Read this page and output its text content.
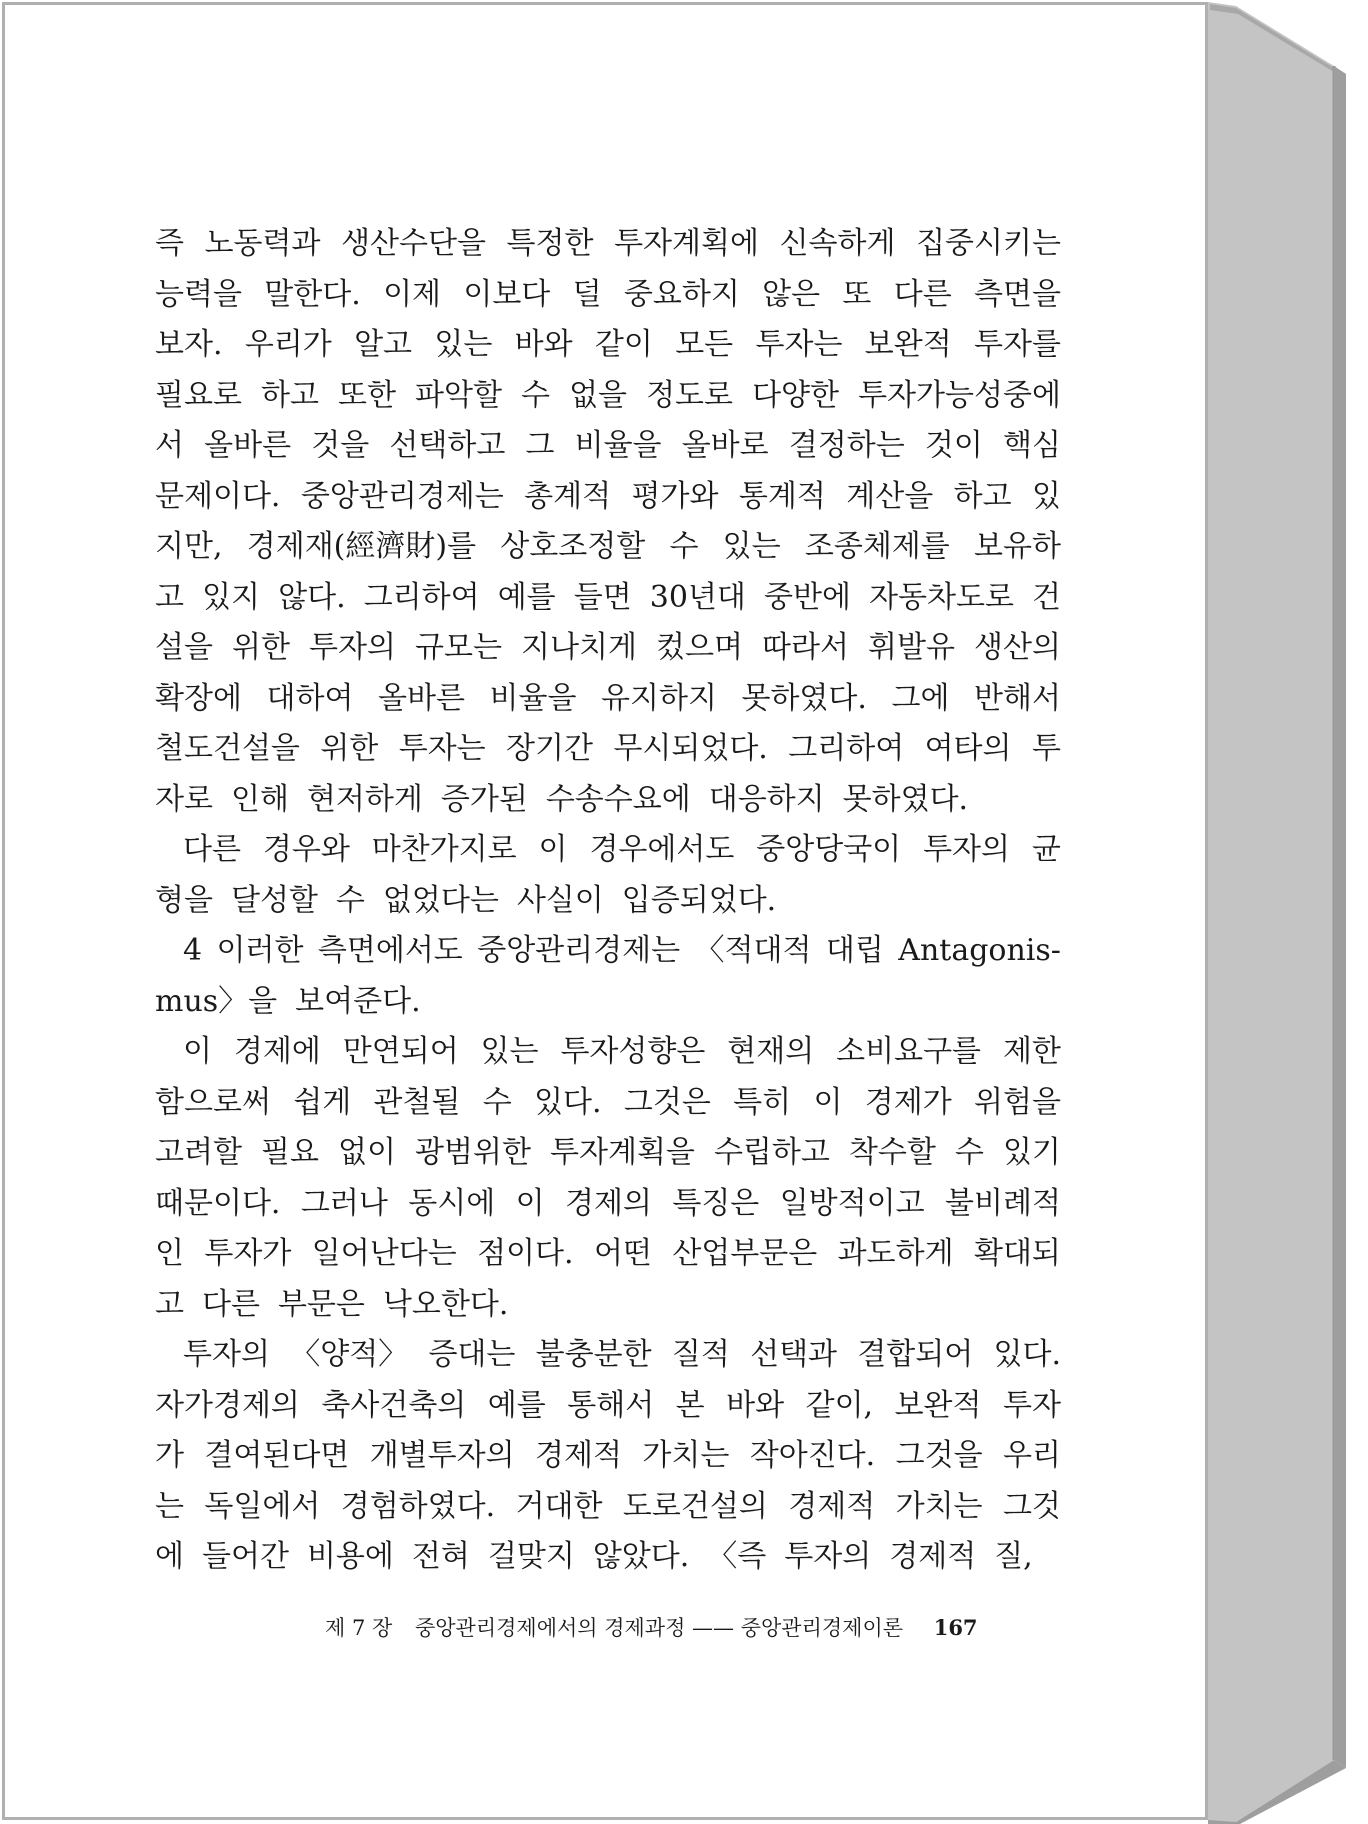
즉 노동력과 생산수단을 특정한 투자계획에 신속하게 집중시키는
능력을 말한다. 이제 이보다 덜 중요하지 않은 또 다른 측면을
보자. 우리가 알고 있는 바와 같이 모든 투자는 보완적 투자를
필요로 하고 또한 파악할 수 없을 정도로 다양한 투자가능성중에
서 올바른 것을 선택하고 그 비율을 올바로 결정하는 것이 핵심
문제이다. 중앙관리경제는 총계적 평가와 통계적 계산을 하고 있
지만, 경제재(經濟財)를 상호조정할 수 있는 조종체제를 보유하
고 있지 않다. 그리하여 예를 들면 30년대 중반에 자동차도로 건
설을 위한 투자의 규모는 지나치게 컸으며 따라서 휘발유 생산의
확장에 대하여 올바른 비율을 유지하지 못하였다. 그에 반해서
철도건설을 위한 투자는 장기간 무시되었다. 그리하여 여타의 투
자로 인해 현저하게 증가된 수송수요에 대응하지 못하였다.
다른 경우와 마찬가지로 이 경우에서도 중앙당국이 투자의 균
형을 달성할 수 없었다는 사실이 입증되었다.
4 이러한 측면에서도 중앙관리경제는 〈적대적 대립 Antagonis-
mus〉을 보여준다.
이 경제에 만연되어 있는 투자성향은 현재의 소비요구를 제한
함으로써 쉽게 관철될 수 있다. 그것은 특히 이 경제가 위험을
고려할 필요 없이 광범위한 투자계획을 수립하고 착수할 수 있기
때문이다. 그러나 동시에 이 경제의 특징은 일방적이고 불비례적
인 투자가 일어난다는 점이다. 어떤 산업부문은 과도하게 확대되
고 다른 부문은 낙오한다.
투자의 〈양적〉 증대는 불충분한 질적 선택과 결합되어 있다.
자가경제의 축사건축의 예를 통해서 본 바와 같이, 보완적 투자
가 결여된다면 개별투자의 경제적 가치는 작아진다. 그것을 우리
는 독일에서 경험하였다. 거대한 도로건설의 경제적 가치는 그것
에 들어간 비용에 전혀 걸맞지 않았다. 〈즉 투자의 경제적 질,
제 7 장 중앙관리경제에서의 경제과정 —— 중앙관리경제이론 167
